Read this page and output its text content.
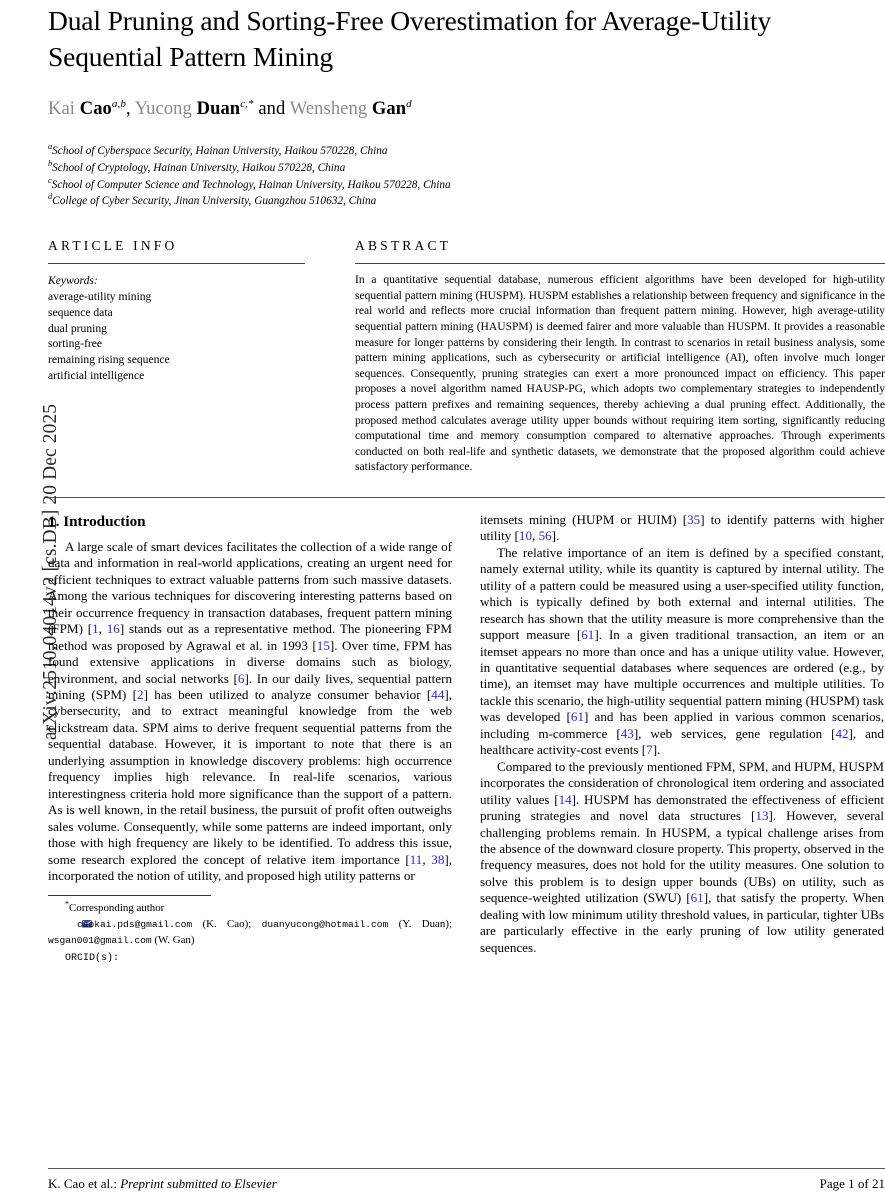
arXiv:2510.04014v2 [cs.DB] 20 Dec 2025
Dual Pruning and Sorting-Free Overestimation for Average-Utility Sequential Pattern Mining
Kai Cao$^{a,b}$, Yucong Duan$^{c,*}$ and Wensheng Gan$^d$
$^a$School of Cyberspace Security, Hainan University, Haikou 570228, China
$^b$School of Cryptology, Hainan University, Haikou 570228, China
$^c$School of Computer Science and Technology, Hainan University, Haikou 570228, China
$^d$College of Cyber Security, Jinan University, Guangzhou 510632, China
ARTICLE INFO
Keywords:
average-utility mining
sequence data
dual pruning
sorting-free
remaining rising sequence
artificial intelligence
ABSTRACT
In a quantitative sequential database, numerous efficient algorithms have been developed for high-utility sequential pattern mining (HUSPM). HUSPM establishes a relationship between frequency and significance in the real world and reflects more crucial information than frequent pattern mining. However, high average-utility sequential pattern mining (HAUSPM) is deemed fairer and more valuable than HUSPM. It provides a reasonable measure for longer patterns by considering their length. In contrast to scenarios in retail business analysis, some pattern mining applications, such as cybersecurity or artificial intelligence (AI), often involve much longer sequences. Consequently, pruning strategies can exert a more pronounced impact on efficiency. This paper proposes a novel algorithm named HAUSP-PG, which adopts two complementary strategies to independently process pattern prefixes and remaining sequences, thereby achieving a dual pruning effect. Additionally, the proposed method calculates average utility upper bounds without requiring item sorting, significantly reducing computational time and memory consumption compared to alternative approaches. Through experiments conducted on both real-life and synthetic datasets, we demonstrate that the proposed algorithm could achieve satisfactory performance.
1. Introduction

A large scale of smart devices facilitates the collection of a wide range of data and information in real-world applications, creating an urgent need for efficient techniques to extract valuable patterns from such massive datasets. Among the various techniques for discovering interesting patterns based on their occurrence frequency in transaction databases, frequent pattern mining (FPM) [1, 16] stands out as a representative method. The pioneering FPM method was proposed by Agrawal et al. in 1993 [15]. Over time, FPM has found extensive applications in diverse domains such as biology, environment, and social networks [6]. In our daily lives, sequential pattern mining (SPM) [2] has been utilized to analyze consumer behavior [44], cybersecurity, and to extract meaningful knowledge from the web clickstream data. SPM aims to derive frequent sequential patterns from the sequential database. However, it is important to note that there is an underlying assumption in knowledge discovery problems: high occurrence frequency implies high relevance. In real-life scenarios, various interestingness criteria hold more significance than the support of a pattern. As is well known, in the retail business, the pursuit of profit often outweighs sales volume. Consequently, while some patterns are indeed important, only those with high frequency are likely to be identified. To address this issue, some research explored the concept of relative item importance [11, 38], incorporated the notion of utility, and proposed high utility patterns or

*Corresponding author
caokai.pds@gmail.com (K. Cao); duanyucong@hotmail.com (Y. Duan); wsgan001@gmail.com (W. Gan)
ORCID(s):

itemsets mining (HUPM or HUIM) [35] to identify patterns with higher utility [10, 56].

The relative importance of an item is defined by a specified constant, namely external utility, while its quantity is captured by internal utility. The utility of a pattern could be measured using a user-specified utility function, which is typically defined by both external and internal utilities. The research has shown that the utility measure is more comprehensive than the support measure [61]. In a given traditional transaction, an item or an itemset appears no more than once and has a unique utility value. However, in quantitative sequential databases where sequences are ordered (e.g., by time), an itemset may have multiple occurrences and multiple utilities. To tackle this scenario, the high-utility sequential pattern mining (HUSPM) task was developed [61] and has been applied in various common scenarios, including m-commerce [43], web services, gene regulation [42], and healthcare activity-cost events [7].

Compared to the previously mentioned FPM, SPM, and HUPM, HUSPM incorporates the consideration of chronological item ordering and associated utility values [14]. HUSPM has demonstrated the effectiveness of efficient pruning strategies and novel data structures [13]. However, several challenging problems remain. In HUSPM, a typical challenge arises from the absence of the downward closure property. This property, observed in the frequency measures, does not hold for the utility measures. One solution to solve this problem is to design upper bounds (UBs) on utility, such as sequence-weighted utilization (SWU) [61], that satisfy the property. When dealing with low minimum utility threshold values, in particular, tighter UBs are particularly effective in the early pruning of low utility generated sequences.

K. Cao et al.: Preprint submitted to Elsevier	Page 1 of 21
